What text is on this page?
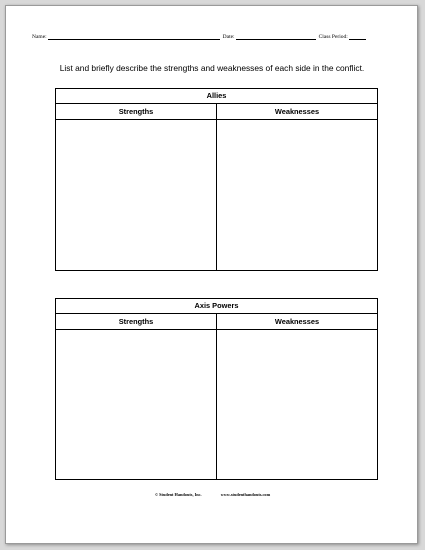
Name:	Date:	Class Period:
List and briefly describe the strengths and weaknesses of each side in the conflict.
Allies
Strengths	Weaknesses
Axis Powers
Strengths	Weaknesses
© Student Handouts, Inc.	www.studenthandouts.com
